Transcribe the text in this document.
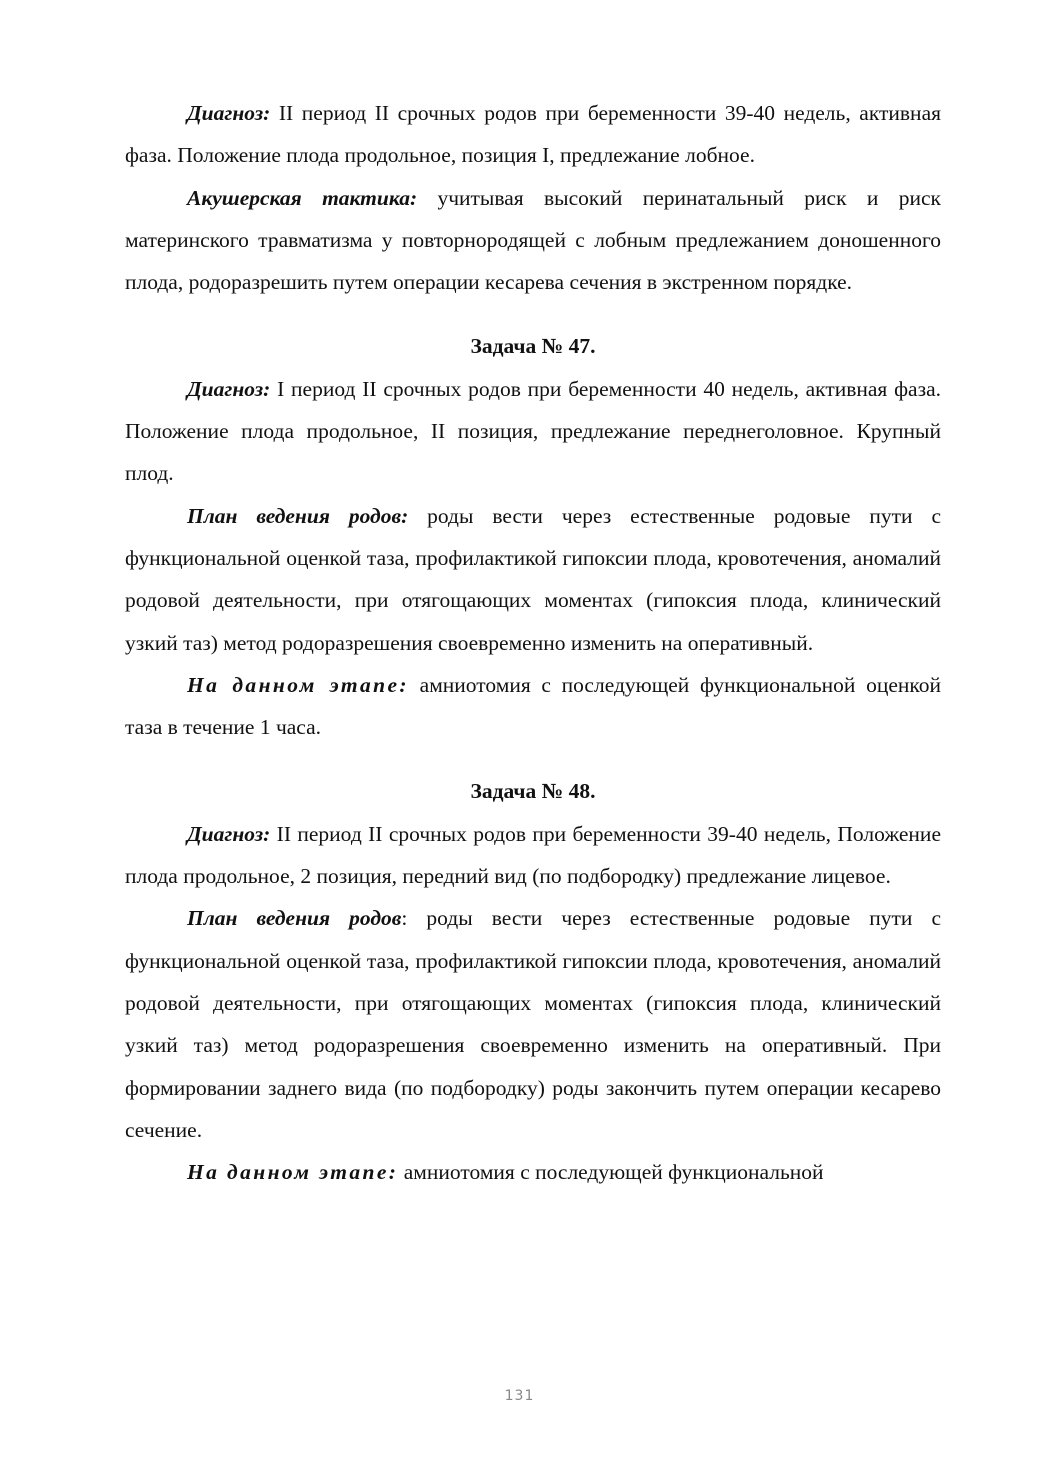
Диагноз: II период II срочных родов при беременности 39-40 недель, активная фаза. Положение плода продольное, позиция I, предлежание лобное.

Акушерская тактика: учитывая высокий перинатальный риск и риск материнского травматизма у повторнородящей с лобным предлежанием доношенного плода, родоразрешить путем операции кесарева сечения в экстренном порядке.

Задача № 47.

Диагноз: I период II срочных родов при беременности 40 недель, активная фаза. Положение плода продольное, II позиция, предлежание переднеголовное. Крупный плод.

План ведения родов: роды вести через естественные родовые пути с функциональной оценкой таза, профилактикой гипоксии плода, кровотечения, аномалий родовой деятельности, при отягощающих моментах (гипоксия плода, клинический узкий таз) метод родоразрешения своевременно изменить на оперативный.

На данном этапе: амниотомия с последующей функциональной оценкой таза в течение 1 часа.

Задача № 48.

Диагноз: II период II срочных родов при беременности 39-40 недель, Положение плода продольное, 2 позиция, передний вид (по подбородку) предлежание лицевое.

План ведения родов: роды вести через естественные родовые пути с функциональной оценкой таза, профилактикой гипоксии плода, кровотечения, аномалий родовой деятельности, при отягощающих моментах (гипоксия плода, клинический узкий таз) метод родоразрешения своевременно изменить на оперативный. При формировании заднего вида (по подбородку) роды закончить путем операции кесарево сечение.

На данном этапе: амниотомия с последующей функциональной

131
